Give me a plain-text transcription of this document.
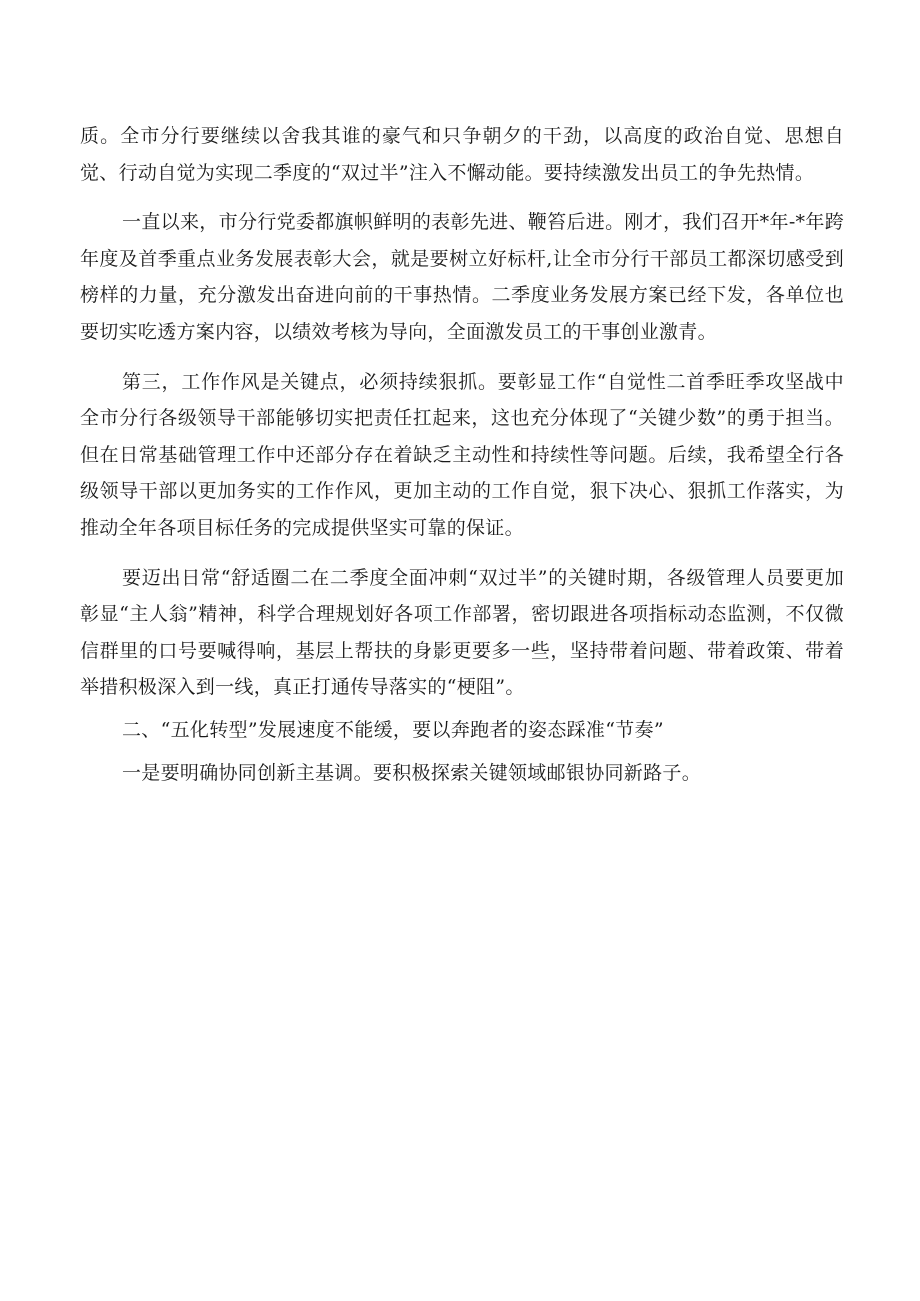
质。全市分行要继续以舍我其谁的豪气和只争朝夕的干劲，以高度的政治自觉、思想自觉、行动自觉为实现二季度的“双过半”注入不懈动能。要持续激发出员工的争先热情。

一直以来，市分行党委都旗帜鲜明的表彰先进、鞭笞后进。刚才，我们召开*年-*年跨年度及首季重点业务发展表彰大会，就是要树立好标杆,让全市分行干部员工都深切感受到榜样的力量，充分激发出奋进向前的干事热情。二季度业务发展方案已经下发，各单位也要切实吃透方案内容，以绩效考核为导向，全面激发员工的干事创业激青。

第三，工作作风是关键点，必须持续狠抓。要彰显工作“自觉性二首季旺季攻坚战中全市分行各级领导干部能够切实把责任扛起来，这也充分体现了“关键少数”的勇于担当。但在日常基础管理工作中还部分存在着缺乏主动性和持续性等问题。后续，我希望全行各级领导干部以更加务实的工作作风，更加主动的工作自觉，狠下决心、狠抓工作落实，为推动全年各项目标任务的完成提供坚实可靠的保证。

要迈出日常“舒适圈二在二季度全面冲刺“双过半”的关键时期，各级管理人员要更加彰显“主人翁”精神，科学合理规划好各项工作部署，密切跟进各项指标动态监测，不仅微信群里的口号要喊得响，基层上帮扶的身影更要多一些，坚持带着问题、带着政策、带着举措积极深入到一线，真正打通传导落实的“梗阻”。

二、“五化转型”发展速度不能缓，要以奔跑者的姿态踩准“节奏”

一是要明确协同创新主基调。要积极探索关键领域邮银协同新路子。
